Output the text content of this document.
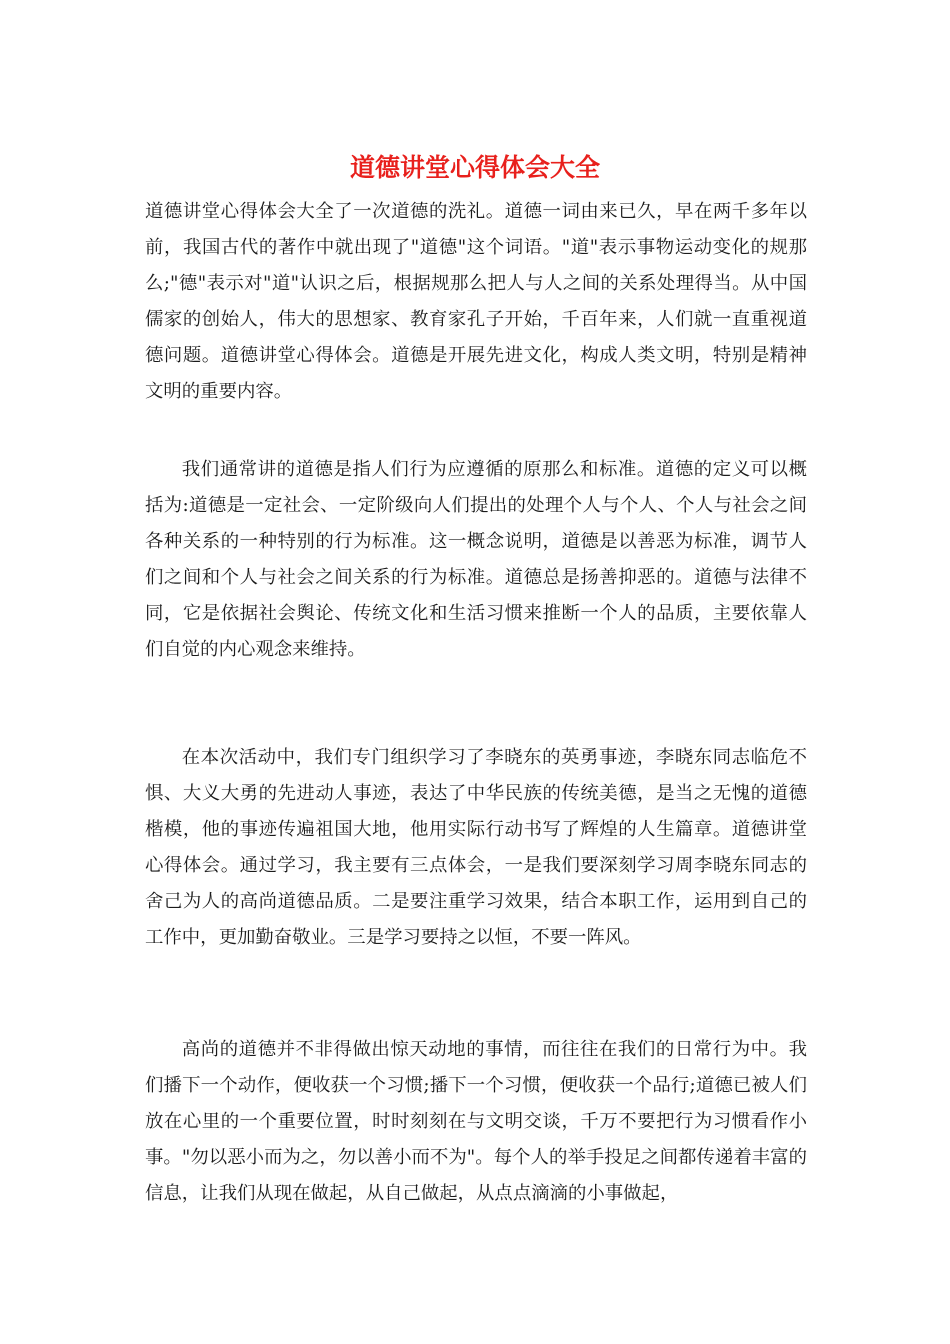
道德讲堂心得体会大全

道德讲堂心得体会大全了一次道德的洗礼。道德一词由来已久，早在两千多年以前，我国古代的著作中就出现了"道德"这个词语。"道"表示事物运动变化的规那么;"德"表示对"道"认识之后，根据规那么把人与人之间的关系处理得当。从中国儒家的创始人，伟大的思想家、教育家孔子开始，千百年来，人们就一直重视道德问题。道德讲堂心得体会。道德是开展先进文化，构成人类文明，特别是精神文明的重要内容。

我们通常讲的道德是指人们行为应遵循的原那么和标准。道德的定义可以概括为:道德是一定社会、一定阶级向人们提出的处理个人与个人、个人与社会之间各种关系的一种特别的行为标准。这一概念说明，道德是以善恶为标准，调节人们之间和个人与社会之间关系的行为标准。道德总是扬善抑恶的。道德与法律不同，它是依据社会舆论、传统文化和生活习惯来推断一个人的品质，主要依靠人们自觉的内心观念来维持。

在本次活动中，我们专门组织学习了李晓东的英勇事迹，李晓东同志临危不惧、大义大勇的先进动人事迹，表达了中华民族的传统美德，是当之无愧的道德楷模，他的事迹传遍祖国大地，他用实际行动书写了辉煌的人生篇章。道德讲堂心得体会。通过学习，我主要有三点体会，一是我们要深刻学习周李晓东同志的舍己为人的高尚道德品质。二是要注重学习效果，结合本职工作，运用到自己的工作中，更加勤奋敬业。三是学习要持之以恒，不要一阵风。

高尚的道德并不非得做出惊天动地的事情，而往往在我们的日常行为中。我们播下一个动作，便收获一个习惯;播下一个习惯，便收获一个品行;道德已被人们放在心里的一个重要位置，时时刻刻在与文明交谈，千万不要把行为习惯看作小事。"勿以恶小而为之，勿以善小而不为"。每个人的举手投足之间都传递着丰富的信息，让我们从现在做起，从自己做起，从点点滴滴的小事做起，
